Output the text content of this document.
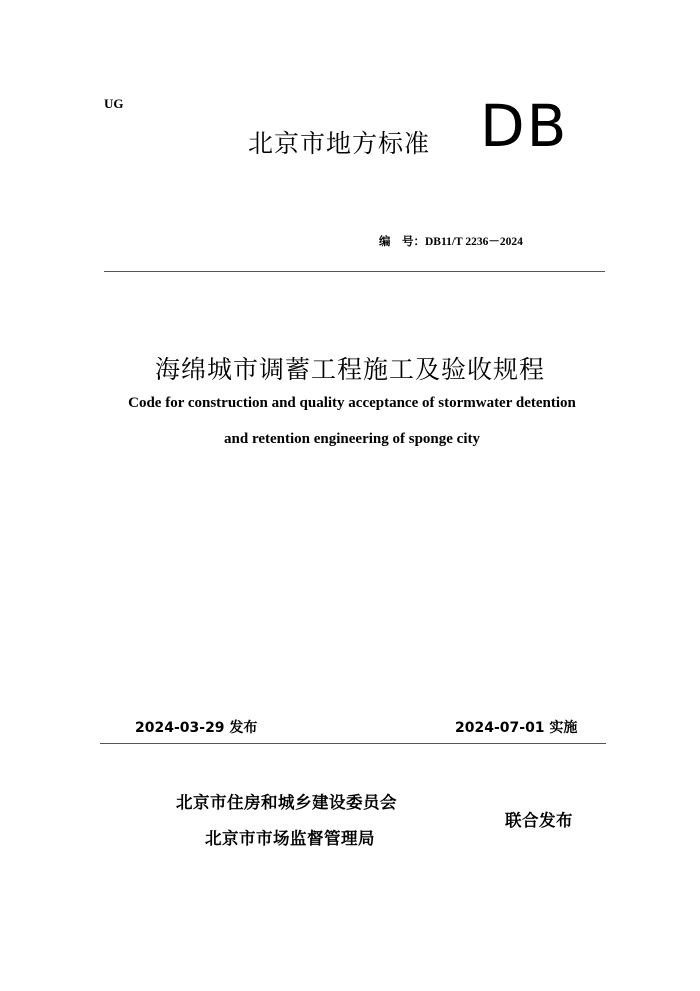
UG
北京市地方标准 DB
编　号：DB11/T 2236－2024
海绵城市调蓄工程施工及验收规程
Code for construction and quality acceptance of stormwater detention
and retention engineering of sponge city
2024-03-29 发布	2024-07-01 实施
北京市住房和城乡建设委员会
北京市市场监督管理局
联合发布
